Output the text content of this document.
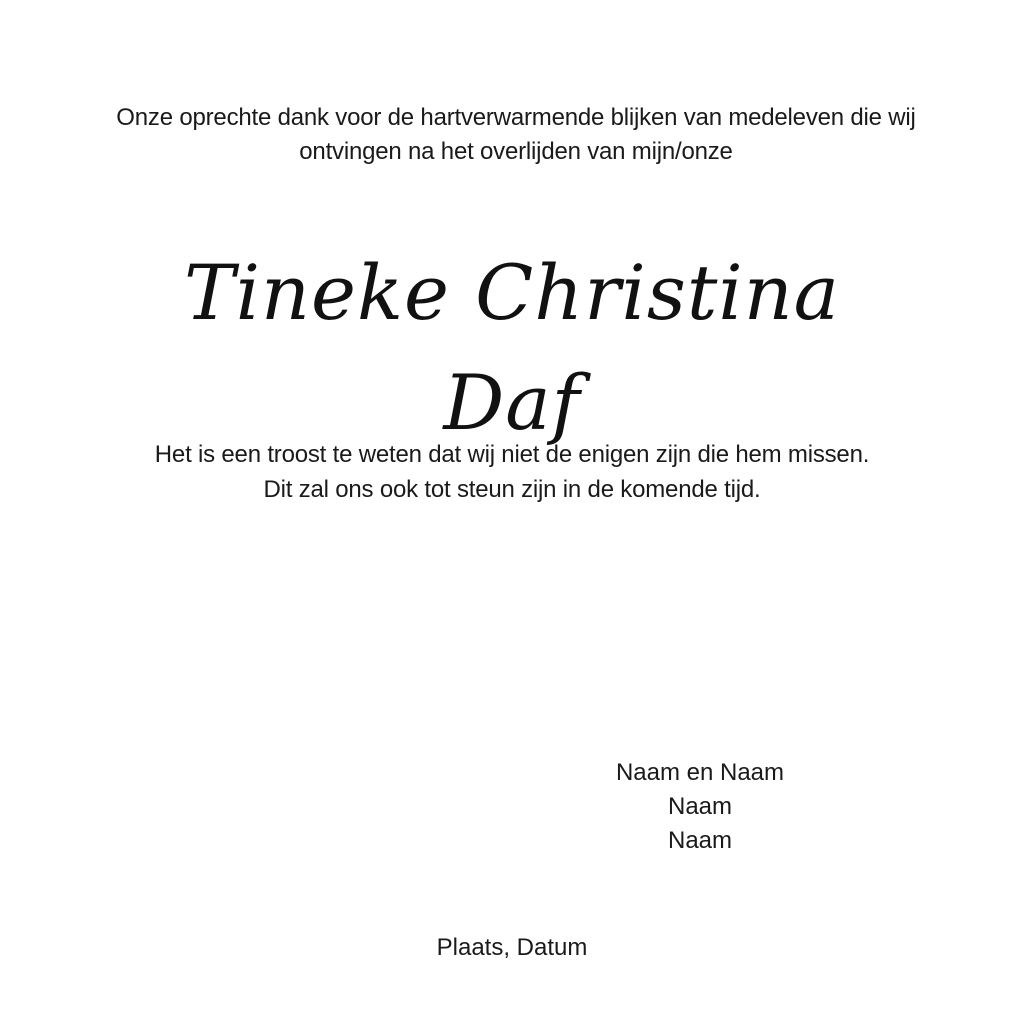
Onze oprechte dank voor de hartverwarmende blijken van medeleven die wij
ontvingen na het overlijden van mijn/onze
Tineke Christina Daf
Het is een troost te weten dat wij niet de enigen zijn die hem missen.
Dit zal ons ook tot steun zijn in de komende tijd.
Naam en Naam
Naam
Naam
Plaats, Datum
